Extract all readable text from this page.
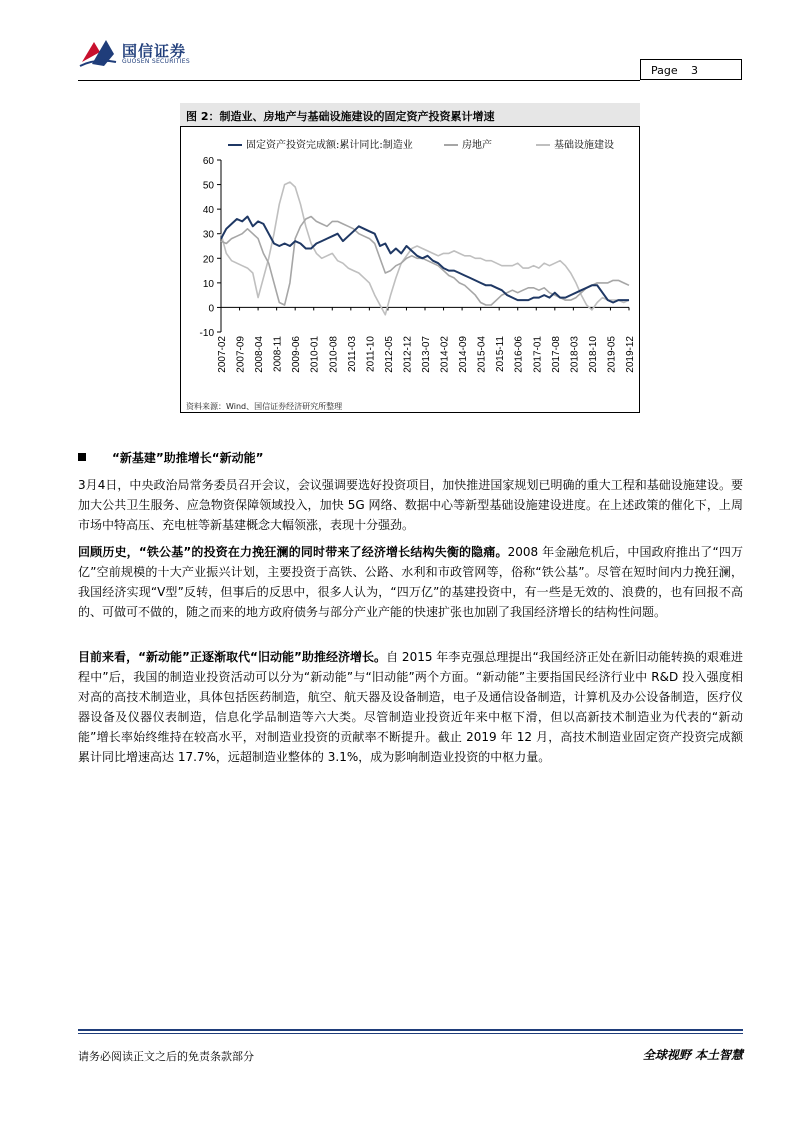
国信证券
GUOSEN SECURITIES
Page 3
图 2：制造业、房地产与基础设施建设的固定资产投资累计增速
固定资产投资完成额:累计同比:制造业	房地产	基础设施建设
-10
0
10
20
30
40
50
60
2007-02 2007-09 2008-04 2008-11 2009-06 2010-01 2010-08 2011-03 2011-10 2012-05 2012-12 2013-07 2014-02 2014-09 2015-04 2015-11 2016-06 2017-01 2017-08 2018-03 2018-10 2019-05 2019-12
资料来源：Wind、国信证券经济研究所整理
“新基建”助推增长“新动能”
3月4日，中央政治局常务委员召开会议，会议强调要选好投资项目，加快推进国家规划已明确的重大工程和基础设施建设。要加大公共卫生服务、应急物资保障领域投入，加快 5G 网络、数据中心等新型基础设施建设进度。在上述政策的催化下，上周市场中特高压、充电桩等新基建概念大幅领涨，表现十分强劲。
回顾历史，“铁公基”的投资在力挽狂澜的同时带来了经济增长结构失衡的隐痛。2008 年金融危机后，中国政府推出了“四万亿”空前规模的十大产业振兴计划，主要投资于高铁、公路、水利和市政管网等，俗称“铁公基”。尽管在短时间内力挽狂澜，我国经济实现“V型”反转，但事后的反思中，很多人认为，“四万亿”的基建投资中，有一些是无效的、浪费的，也有回报不高的、可做可不做的，随之而来的地方政府债务与部分产业产能的快速扩张也加剧了我国经济增长的结构性问题。
目前来看，“新动能”正逐渐取代“旧动能”助推经济增长。自 2015 年李克强总理提出“我国经济正处在新旧动能转换的艰难进程中”后，我国的制造业投资活动可以分为“新动能”与“旧动能”两个方面。“新动能”主要指国民经济行业中 R&D 投入强度相对高的高技术制造业，具体包括医药制造，航空、航天器及设备制造，电子及通信设备制造，计算机及办公设备制造，医疗仪器设备及仪器仪表制造，信息化学品制造等六大类。尽管制造业投资近年来中枢下滑，但以高新技术制造业为代表的“新动能”增长率始终维持在较高水平，对制造业投资的贡献率不断提升。截止 2019 年 12 月，高技术制造业固定资产投资完成额累计同比增速高达 17.7%，远超制造业整体的 3.1%，成为影响制造业投资的中枢力量。
请务必阅读正文之后的免责条款部分	全球视野 本土智慧
